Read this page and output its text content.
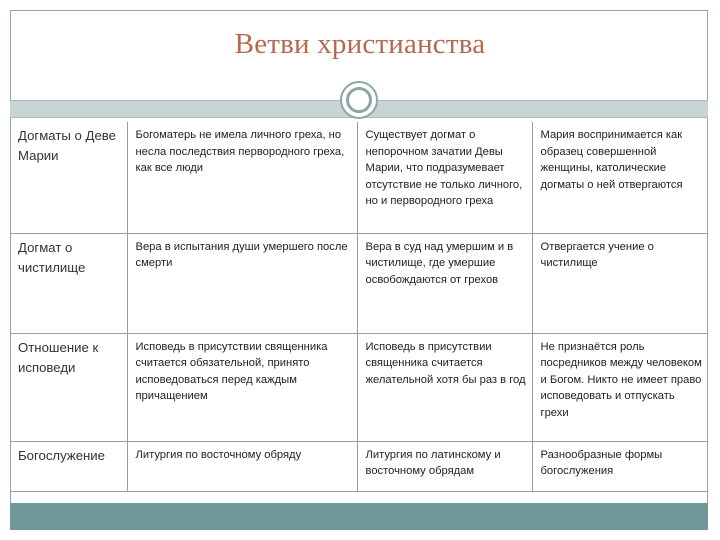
Ветви христианства
Догматы о Деве Марии	Богоматерь не имела личного греха, но несла последствия первородного греха, как все люди	Существует догмат о непорочном зачатии Девы Марии, что подразумевает отсутствие не только личного, но и первородного греха	Мария воспринимается как образец совершенной женщины, католические догматы о ней отвергаются
Догмат о чистилище	Вера в испытания души умершего после смерти	Вера в суд над умершим и в чистилище, где умершие освобождаются от грехов	Отвергается учение о чистилище
Отношение к исповеди	Исповедь в присутствии священника считается обязательной, принято исповедоваться перед каждым причащением	Исповедь в присутствии священника считается желательной хотя бы раз в год	Не признаётся роль посредников между человеком и Богом. Никто не имеет право исповедовать и отпускать грехи
Богослужение	Литургия по восточному обряду	Литургия по латинскому и восточному обрядам	Разнообразные формы богослужения
